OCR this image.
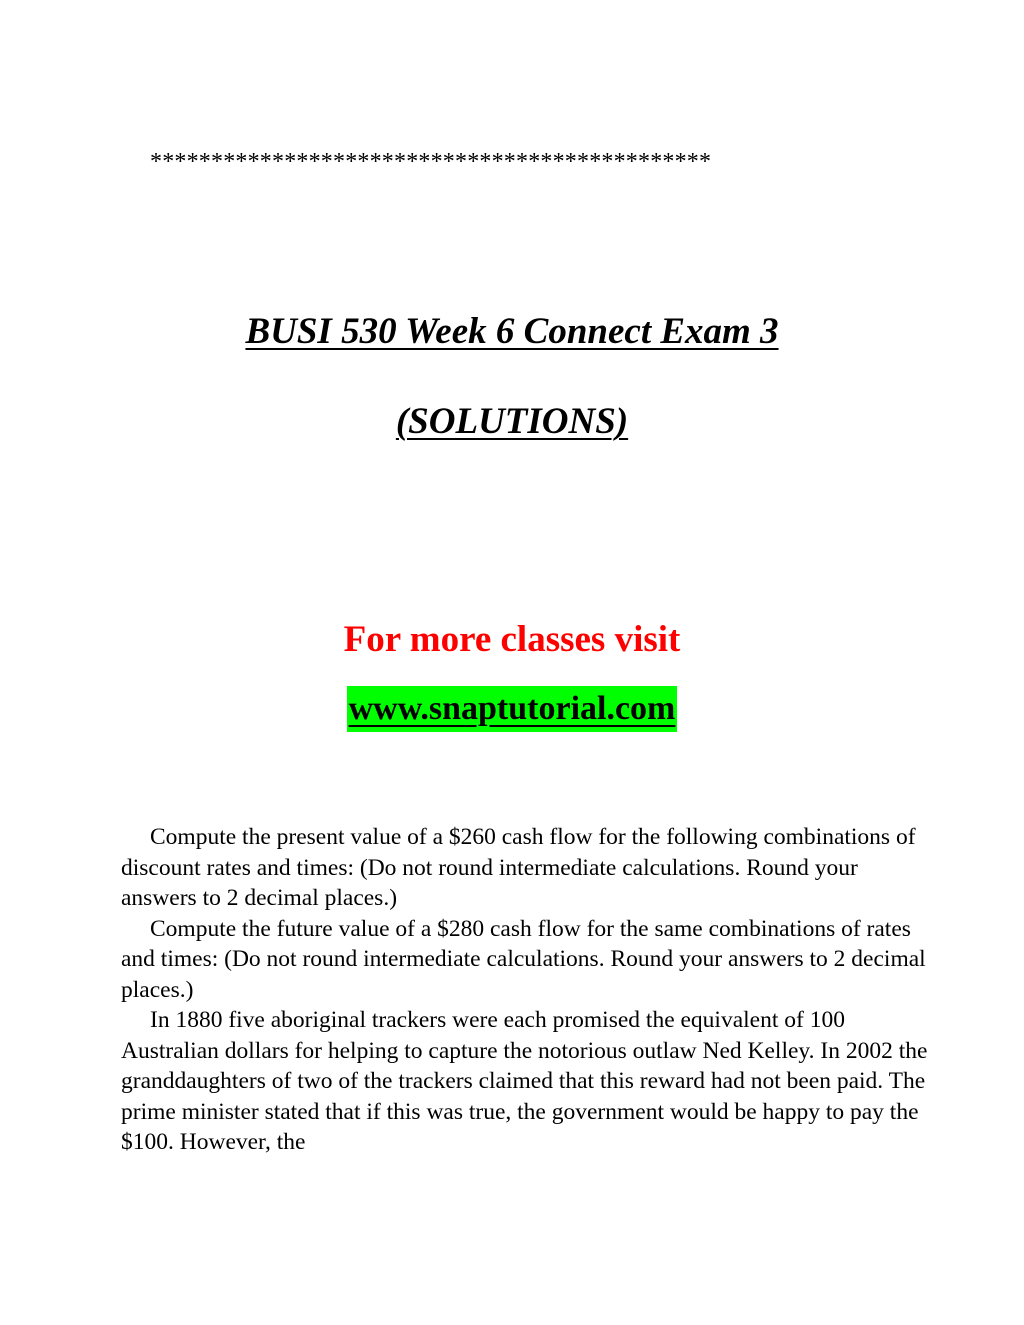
**********************************************
BUSI 530 Week 6 Connect Exam 3
(SOLUTIONS)
For more classes visit
www.snaptutorial.com

Compute the present value of a $260 cash flow for the following combinations of discount rates and times: (Do not round intermediate calculations. Round your answers to 2 decimal places.)

Compute the future value of a $280 cash flow for the same combinations of rates and times: (Do not round intermediate calculations. Round your answers to 2 decimal places.)

In 1880 five aboriginal trackers were each promised the equivalent of 100 Australian dollars for helping to capture the notorious outlaw Ned Kelley. In 2002 the granddaughters of two of the trackers claimed that this reward had not been paid. The prime minister stated that if this was true, the government would be happy to pay the $100. However, the
